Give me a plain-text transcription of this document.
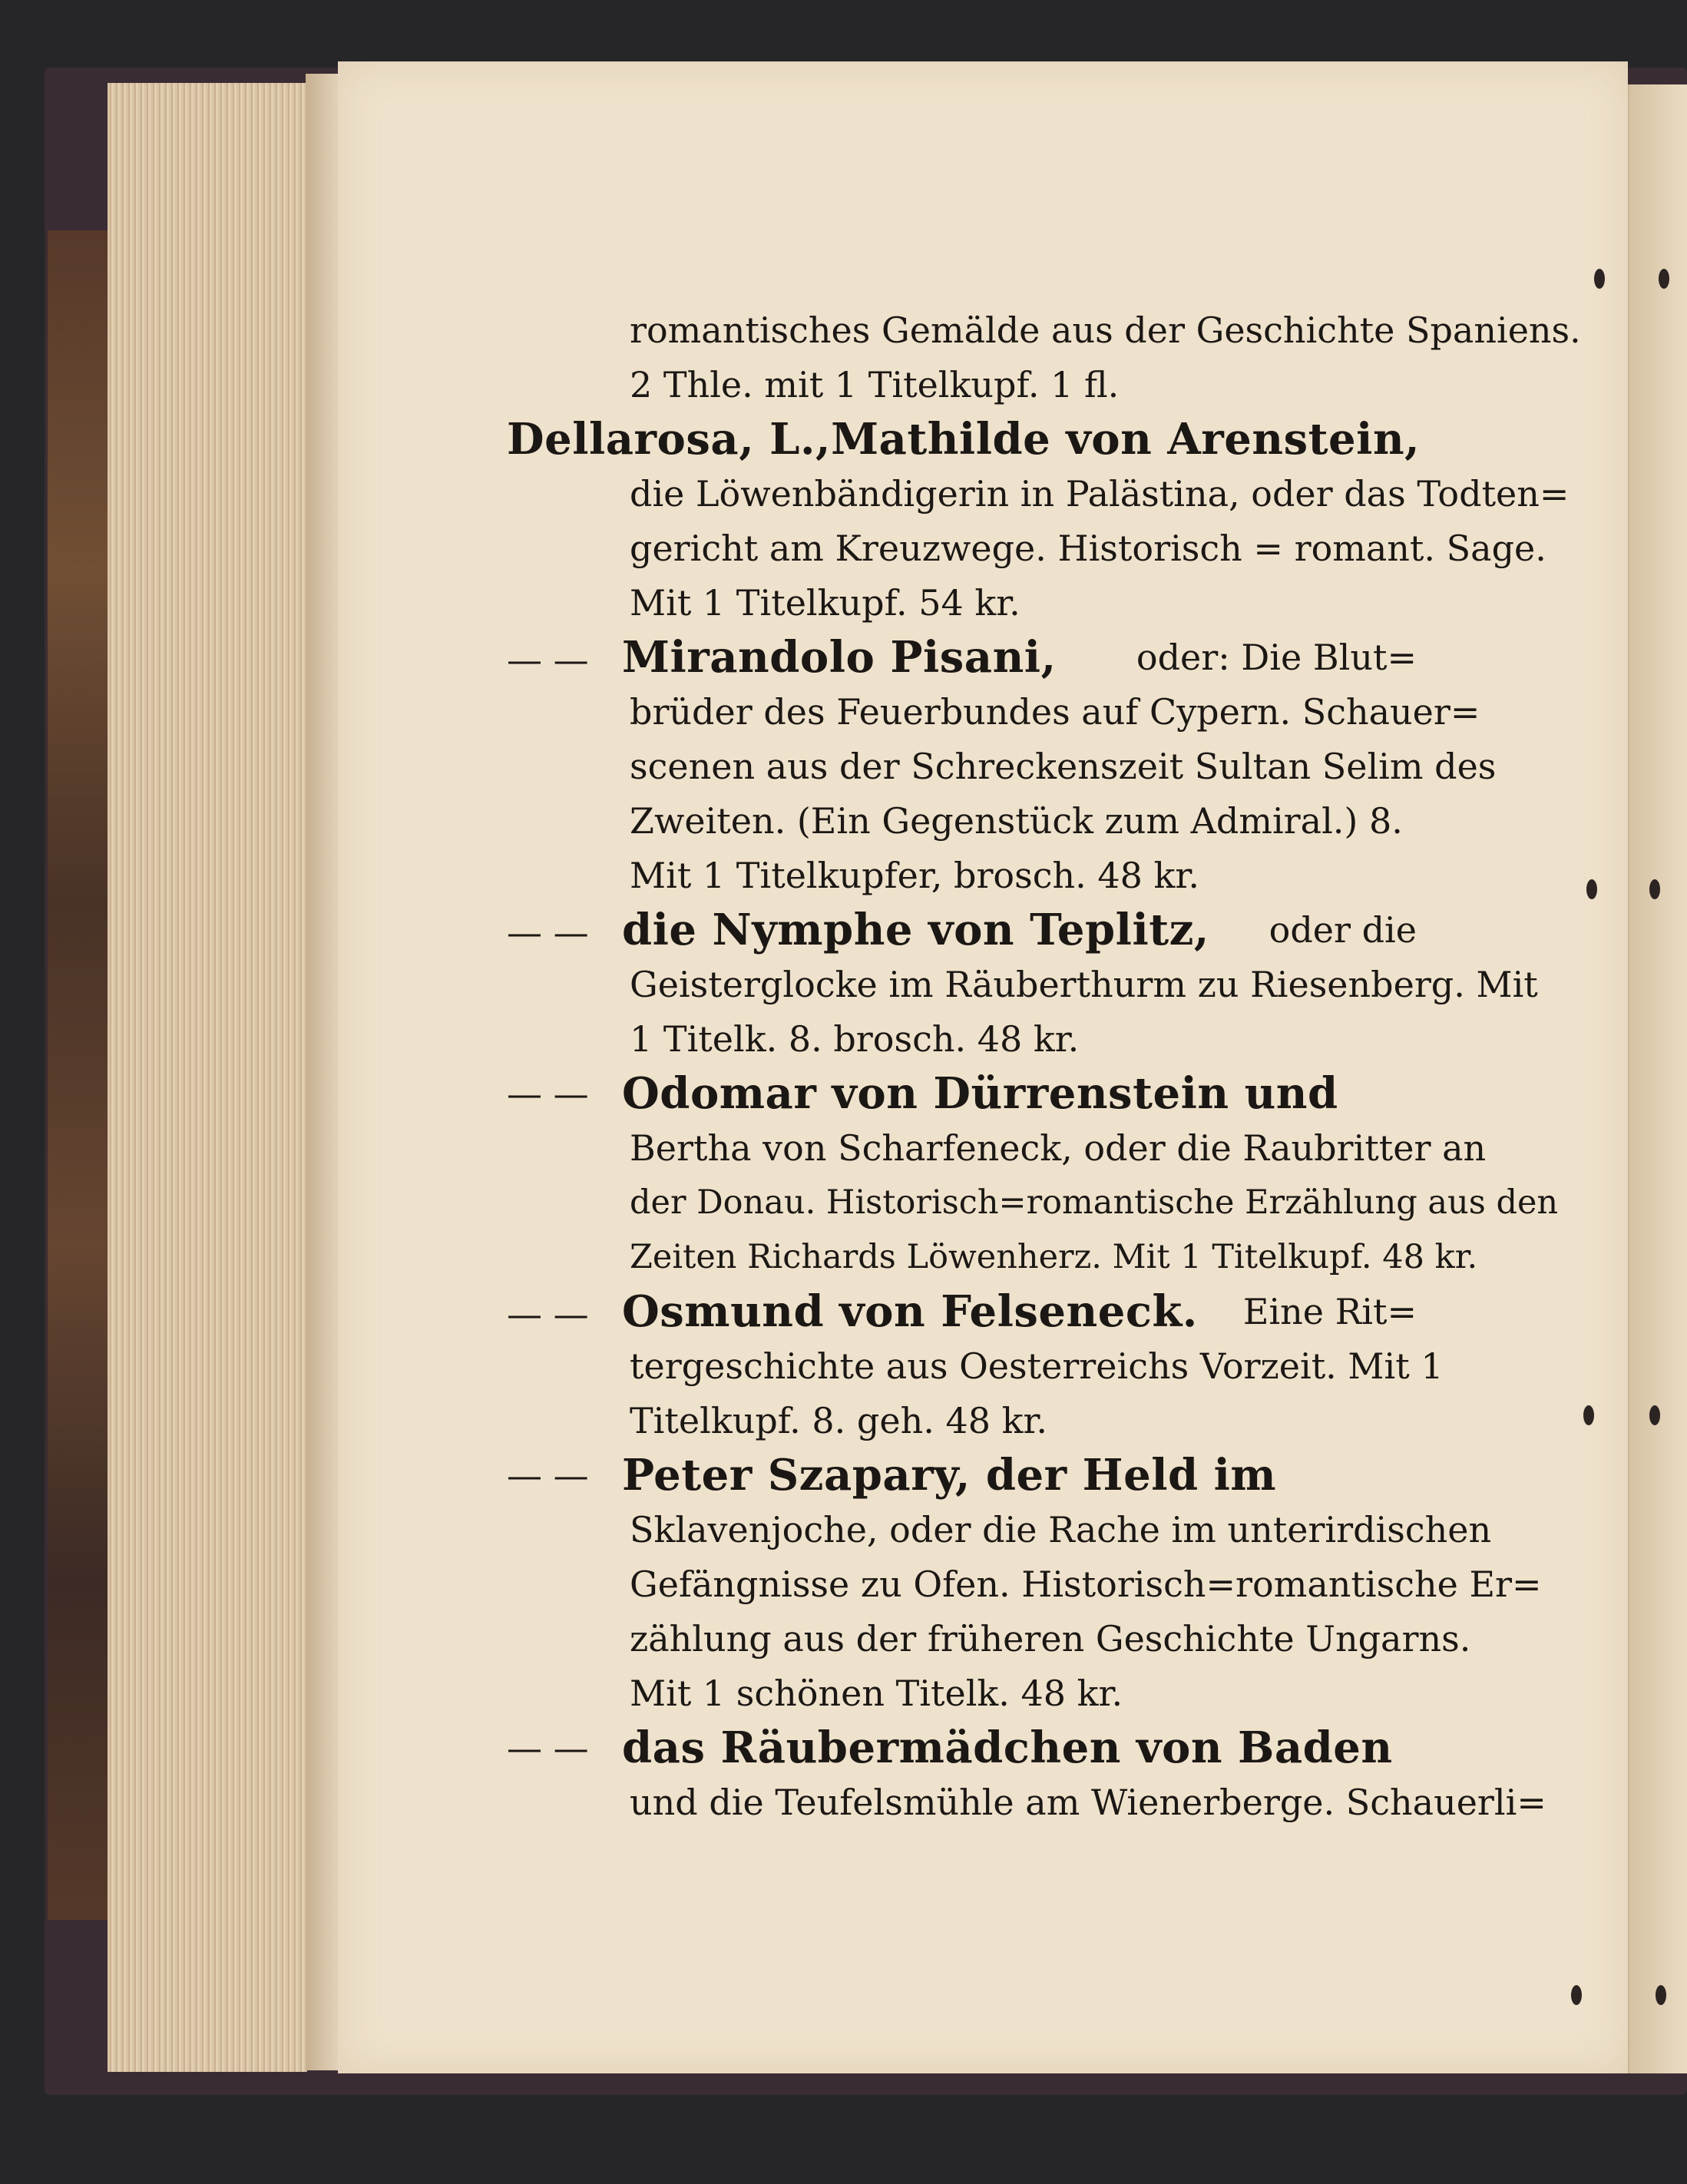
romantisches Gemälde aus der Geschichte Spaniens.
2 Thle. mit 1 Titelkupf. 1 fl.
Dellarosa, L., Mathilde von Arenstein,
die Löwenbändigerin in Palästina, oder das Todten=
gericht am Kreuzwege. Historisch = romant. Sage.
Mit 1 Titelkupf. 54 kr.
— — Mirandolo Pisani, oder: Die Blut=
brüder des Feuerbundes auf Cypern. Schauer=
scenen aus der Schreckenszeit Sultan Selim des
Zweiten. (Ein Gegenstück zum Admiral.) 8.
Mit 1 Titelkupfer, brosch. 48 kr.
— — die Nymphe von Teplitz, oder die
Geisterglocke im Räuberthurm zu Riesenberg. Mit
1 Titelk. 8. brosch. 48 kr.
— — Odomar von Dürrenstein und
Bertha von Scharfeneck, oder die Raubritter an
der Donau. Historisch=romantische Erzählung aus den
Zeiten Richards Löwenherz. Mit 1 Titelkupf. 48 kr.
— — Osmund von Felseneck. Eine Rit=
tergeschichte aus Oesterreichs Vorzeit. Mit 1
Titelkupf. 8. geh. 48 kr.
— — Peter Szapary, der Held im
Sklavenjoche, oder die Rache im unterirdischen
Gefängnisse zu Ofen. Historisch=romantische Er=
zählung aus der früheren Geschichte Ungarns.
Mit 1 schönen Titelk. 48 kr.
— — das Räubermädchen von Baden
und die Teufelsmühle am Wienerberge. Schauerli=
